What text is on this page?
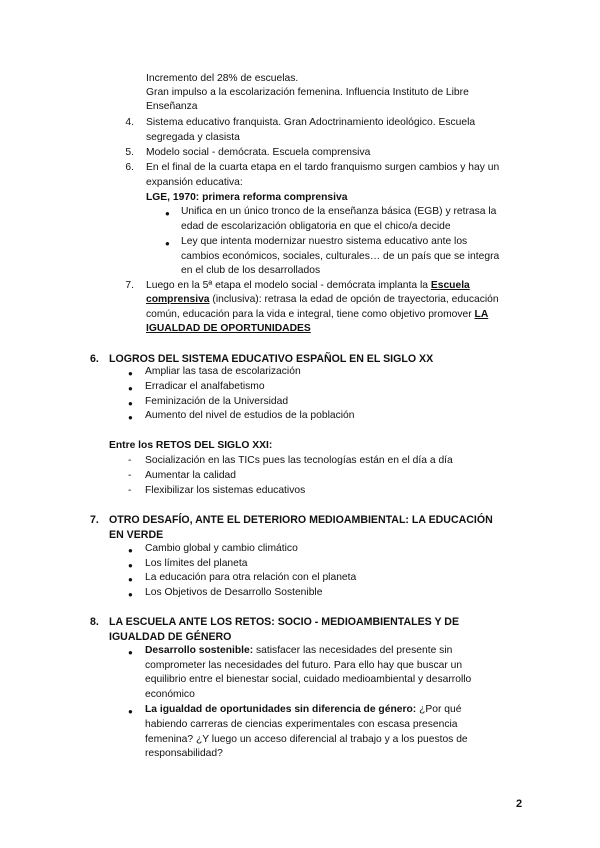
Incremento del 28% de escuelas.
Gran impulso a la escolarización femenina. Influencia Instituto de Libre
Enseñanza
4. Sistema educativo franquista. Gran Adoctrinamiento ideológico. Escuela
segregada y clasista
5. Modelo social - demócrata. Escuela comprensiva
6. En el final de la cuarta etapa en el tardo franquismo surgen cambios y hay un
expansión educativa:
LGE, 1970: primera reforma comprensiva
● Unifica en un único tronco de la enseñanza básica (EGB) y retrasa la
edad de escolarización obligatoria en que el chico/a decide
● Ley que intenta modernizar nuestro sistema educativo ante los
cambios económicos, sociales, culturales… de un país que se integra
en el club de los desarrollados
7. Luego en la 5ª etapa el modelo social - demócrata implanta la Escuela
comprensiva (inclusiva): retrasa la edad de opción de trayectoria, educación
común, educación para la vida e integral, tiene como objetivo promover LA
IGUALDAD DE OPORTUNIDADES
6. LOGROS DEL SISTEMA EDUCATIVO ESPAÑOL EN EL SIGLO XX
● Ampliar las tasa de escolarización
● Erradicar el analfabetismo
● Feminización de la Universidad
● Aumento del nivel de estudios de la población
Entre los RETOS DEL SIGLO XXI:
- Socialización en las TICs pues las tecnologías están en el día a día
- Aumentar la calidad
- Flexibilizar los sistemas educativos
7. OTRO DESAFÍO, ANTE EL DETERIORO MEDIOAMBIENTAL: LA EDUCACIÓN
EN VERDE
● Cambio global y cambio climático
● Los límites del planeta
● La educación para otra relación con el planeta
● Los Objetivos de Desarrollo Sostenible
8. LA ESCUELA ANTE LOS RETOS: SOCIO - MEDIOAMBIENTALES Y DE
IGUALDAD DE GÉNERO
● Desarrollo sostenible: satisfacer las necesidades del presente sin
comprometer las necesidades del futuro. Para ello hay que buscar un
equilibrio entre el bienestar social, cuidado medioambiental y desarrollo
económico
● La igualdad de oportunidades sin diferencia de género: ¿Por qué
habiendo carreras de ciencias experimentales con escasa presencia
femenina? ¿Y luego un acceso diferencial al trabajo y a los puestos de
responsabilidad?
2
